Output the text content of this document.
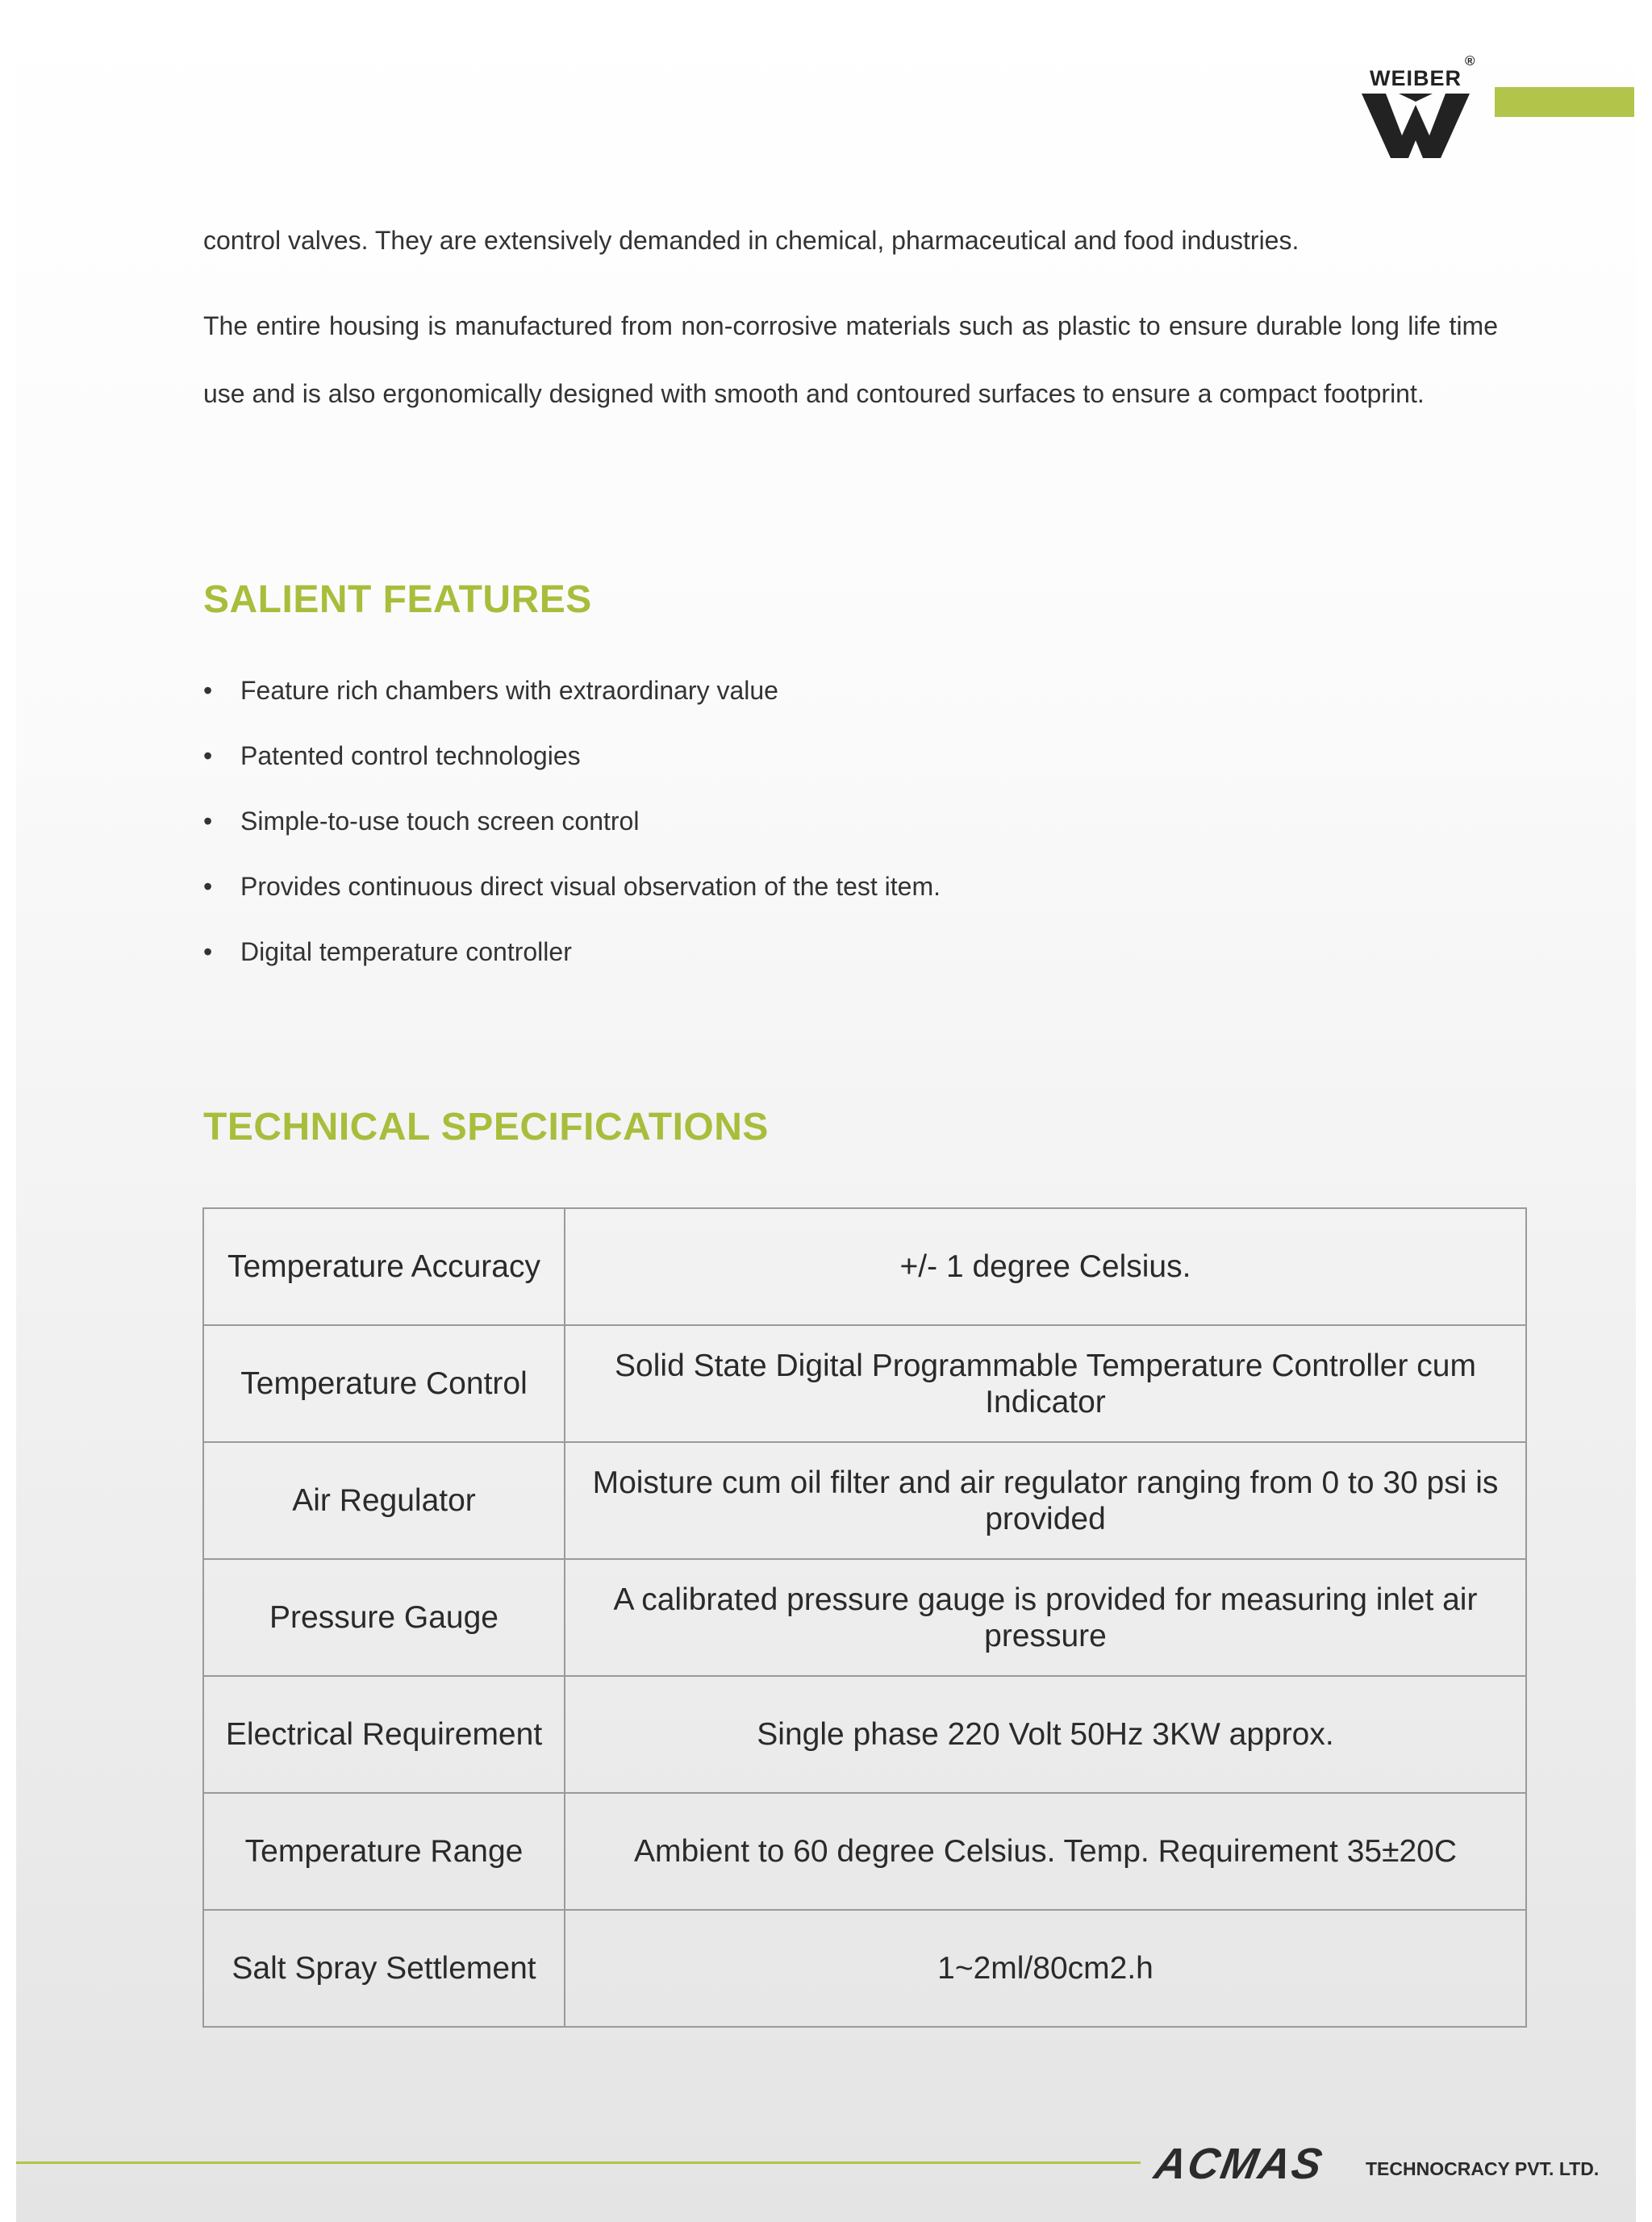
®
WEIBER
control valves. They are extensively demanded in chemical, pharmaceutical and food industries.
The entire housing is manufactured from non-corrosive materials such as plastic to ensure durable long life time use and is also ergonomically designed with smooth and contoured surfaces to ensure a compact footprint.
SALIENT FEATURES
• Feature rich chambers with extraordinary value
• Patented control technologies
• Simple-to-use touch screen control
• Provides continuous direct visual observation of the test item.
• Digital temperature controller
TECHNICAL SPECIFICATIONS
Temperature Accuracy	+/- 1 degree Celsius.
Temperature Control	Solid State Digital Programmable Temperature Controller cum Indicator
Air Regulator	Moisture cum oil filter and air regulator ranging from 0 to 30 psi is provided
Pressure Gauge	A calibrated pressure gauge is provided for measuring inlet air pressure
Electrical Requirement	Single phase 220 Volt 50Hz 3KW approx.
Temperature Range	Ambient to 60 degree Celsius. Temp. Requirement 35±20C
Salt Spray Settlement	1~2ml/80cm2.h
ACMAS TECHNOCRACY PVT. LTD.
